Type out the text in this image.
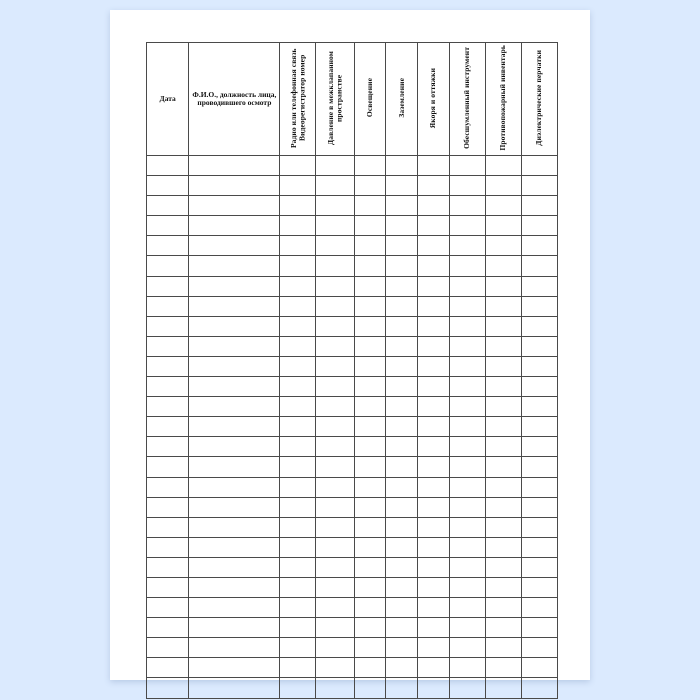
Дата	Ф.И.О., должность лица, проводившего осмотр	Радио или телефонная связь Видеорегистратор номер	Давление в межклапанном пространстве	Освещение	Заземление	Якоря и оттяжки	Обесшумленный инструмент	Противопожарный инвентарь	Диэлектрические перчатки
